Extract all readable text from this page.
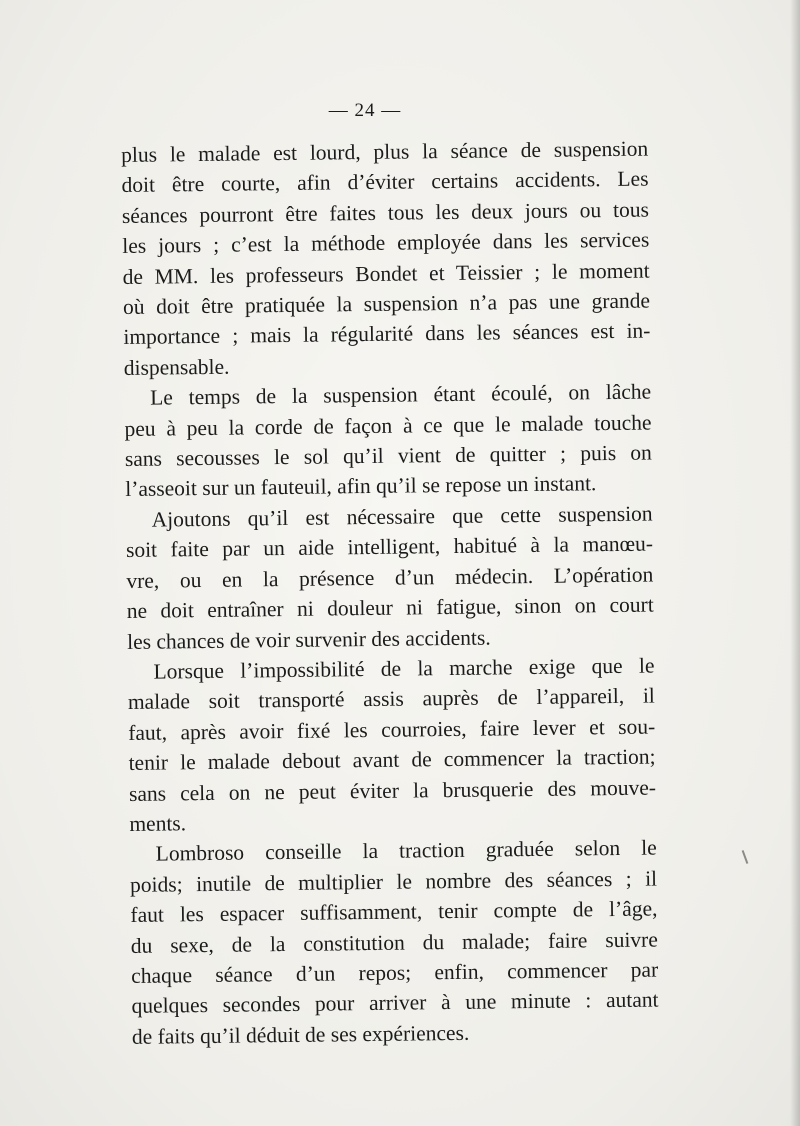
— 24 —

plus le malade est lourd, plus la séance de suspension
doit être courte, afin d’éviter certains accidents. Les
séances pourront être faites tous les deux jours ou tous
les jours ; c’est la méthode employée dans les services
de MM. les professeurs Bondet et Teissier ; le moment
où doit être pratiquée la suspension n’a pas une grande
importance ; mais la régularité dans les séances est in-
dispensable.

Le temps de la suspension étant écoulé, on lâche
peu à peu la corde de façon à ce que le malade touche
sans secousses le sol qu’il vient de quitter ; puis on
l’asseoit sur un fauteuil, afin qu’il se repose un instant.

Ajoutons qu’il est nécessaire que cette suspension
soit faite par un aide intelligent, habitué à la manœu-
vre, ou en la présence d’un médecin. L’opération
ne doit entraîner ni douleur ni fatigue, sinon on court
les chances de voir survenir des accidents.

Lorsque l’impossibilité de la marche exige que le
malade soit transporté assis auprès de l’appareil, il
faut, après avoir fixé les courroies, faire lever et sou-
tenir le malade debout avant de commencer la traction;
sans cela on ne peut éviter la brusquerie des mouve-
ments.

Lombroso conseille la traction graduée selon le
poids; inutile de multiplier le nombre des séances ; il
faut les espacer suffisamment, tenir compte de l’âge,
du sexe, de la constitution du malade; faire suivre
chaque séance d’un repos; enfin, commencer par
quelques secondes pour arriver à une minute : autant
de faits qu’il déduit de ses expériences.
